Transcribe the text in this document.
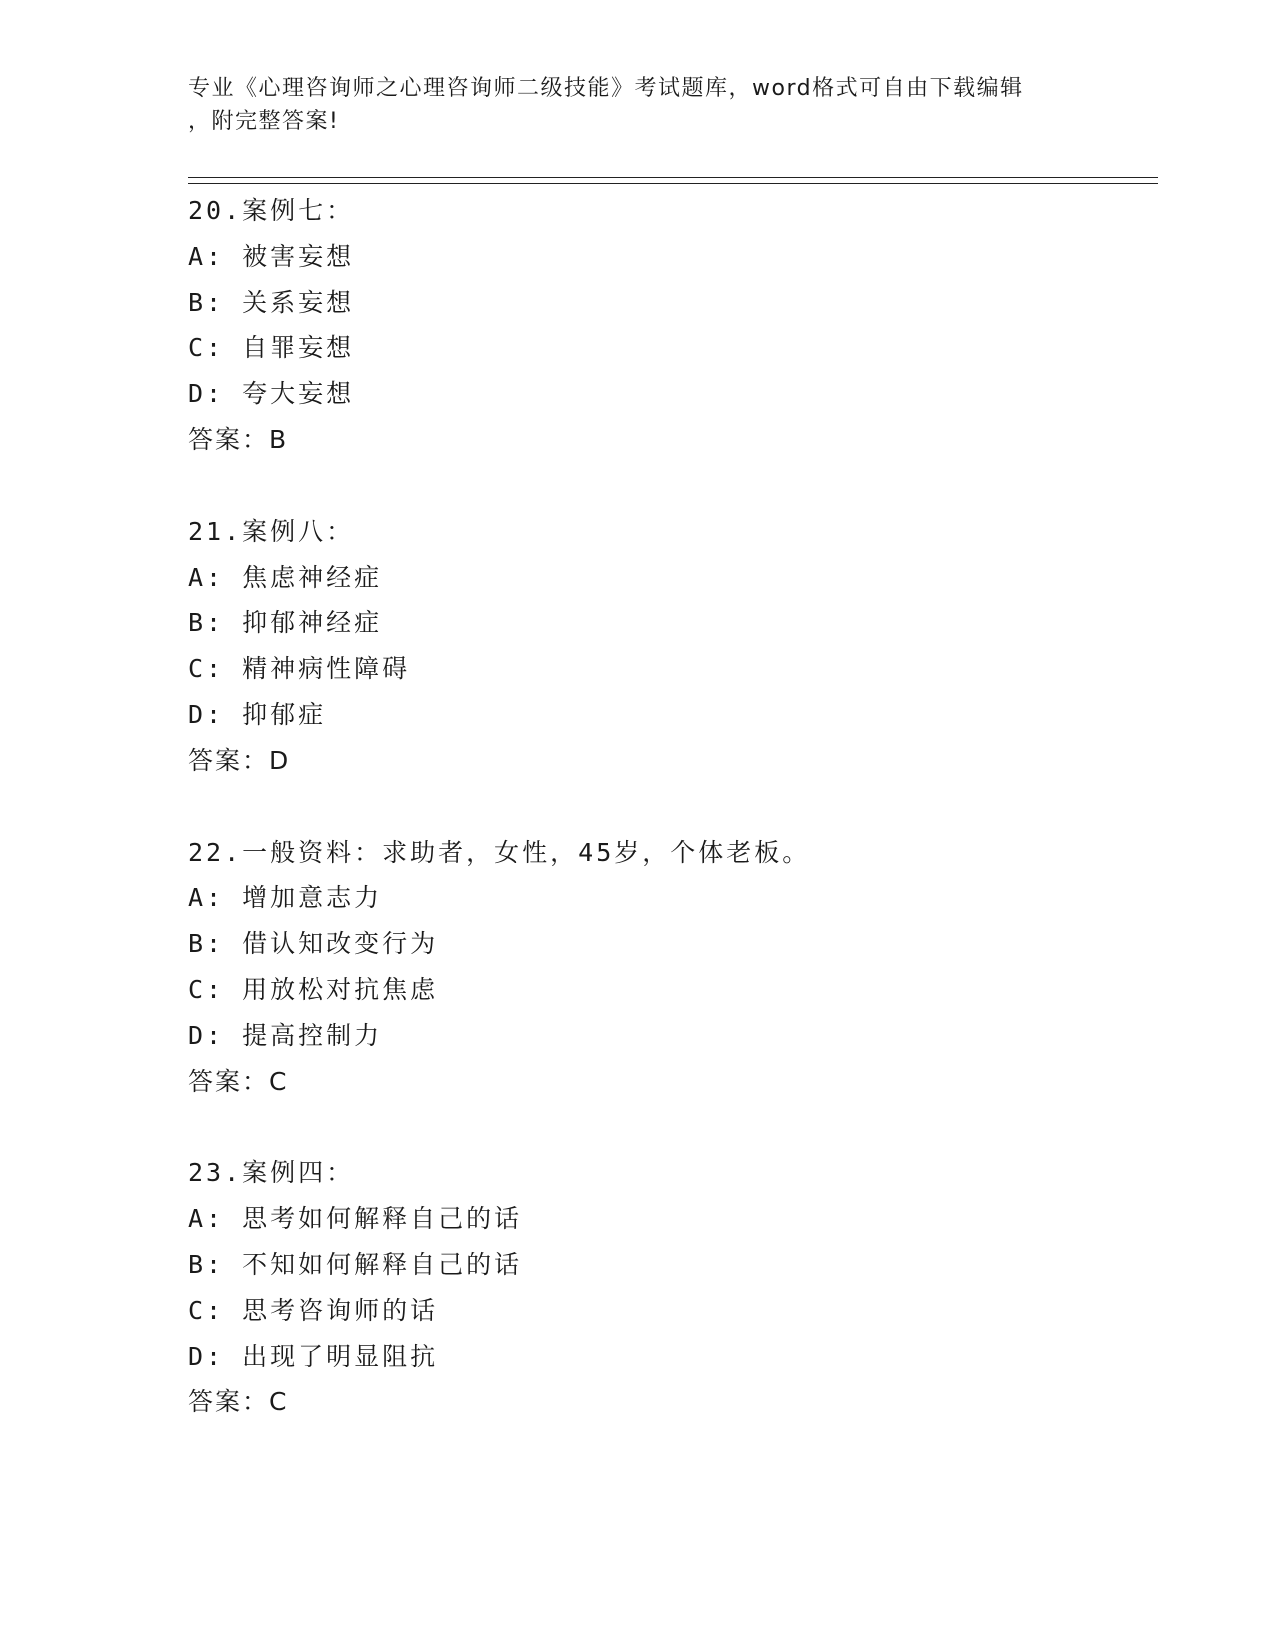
专业《心理咨询师之心理咨询师二级技能》考试题库，word格式可自由下载编辑
，附完整答案!
20.案例七：
A: 被害妄想
B: 关系妄想
C: 自罪妄想
D: 夸大妄想
答案：B
21.案例八：
A: 焦虑神经症
B: 抑郁神经症
C: 精神病性障碍
D: 抑郁症
答案：D
22.一般资料：求助者，女性，45岁，个体老板。
A: 增加意志力
B: 借认知改变行为
C: 用放松对抗焦虑
D: 提高控制力
答案：C
23.案例四：
A: 思考如何解释自己的话
B: 不知如何解释自己的话
C: 思考咨询师的话
D: 出现了明显阻抗
答案：C
